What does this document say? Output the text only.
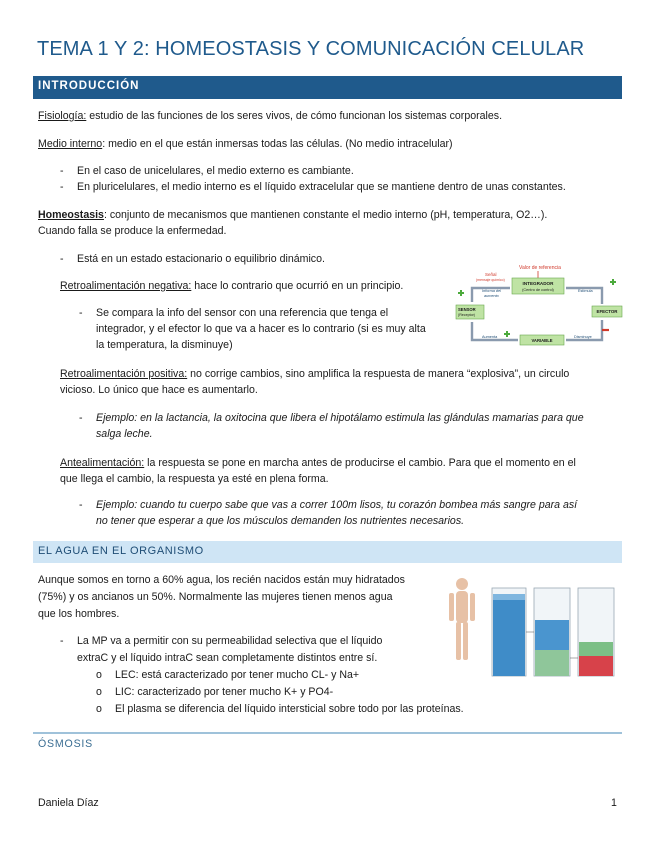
TEMA 1 Y 2: HOMEOSTASIS Y COMUNICACIÓN CELULAR
INTRODUCCIÓN
Fisiología: estudio de las funciones de los seres vivos, de cómo funcionan los sistemas corporales.
Medio interno: medio en el que están inmersas todas las células. (No medio intracelular)
- En el caso de unicelulares, el medio externo es cambiante.
- En pluricelulares, el medio interno es el líquido extracelular que se mantiene dentro de unas constantes.
Homeostasis: conjunto de mecanismos que mantienen constante el medio interno (pH, temperatura, O2…).
Cuando falla se produce la enfermedad.
- Está en un estado estacionario o equilibrio dinámico.
Retroalimentación negativa: hace lo contrario que ocurrió en un principio.
- Se compara la info del sensor con una referencia que tenga el
integrador, y el efector lo que va a hacer es lo contrario (si es muy alta
la temperatura, la disminuye)
Valor de referencia
Señal
(mensaje químico)
INTEGRADOR
(Centro de control)
Informa del
aumento
Estimula
SENSOR
(Receptor)
EFECTOR
Aumenta
VARIABLE
Disminuye
Retroalimentación positiva: no corrige cambios, sino amplifica la respuesta de manera “explosiva”, un circulo
vicioso. Lo único que hace es aumentarlo.
- Ejemplo: en la lactancia, la oxitocina que libera el hipotálamo estimula las glándulas mamarias para que
salga leche.
Antealimentación: la respuesta se pone en marcha antes de producirse el cambio. Para que el momento en el
que llega el cambio, la respuesta ya esté en plena forma.
- Ejemplo: cuando tu cuerpo sabe que vas a correr 100m lisos, tu corazón bombea más sangre para así
no tener que esperar a que los músculos demanden los nutrientes necesarios.
EL AGUA EN EL ORGANISMO
Aunque somos en torno a 60% agua, los recién nacidos están muy hidratados
(75%) y os ancianos un 50%. Normalmente las mujeres tienen menos agua
que los hombres.
- La MP va a permitir con su permeabilidad selectiva que el líquido
extraC y el líquido intraC sean completamente distintos entre sí.
o LEC: está caracterizado por tener mucho CL- y Na+
o LIC: caracterizado por tener mucho K+ y PO4-
o El plasma se diferencia del líquido intersticial sobre todo por las proteínas.
ÓSMOSIS
Daniela Díaz	1
